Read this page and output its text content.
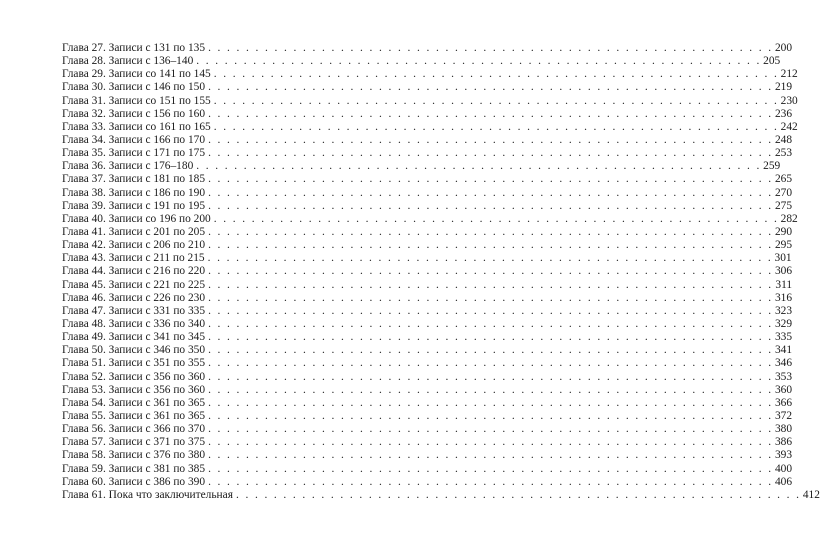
Глава 27. Записи с 131 по 135 . . . . . . . . . . . . . . . . . . . . . . . . . . . . . . . . . . . . . . . . . . . . . . . . . . . . . . . . . . . . 200
Глава 28. Записи с 136–140 . . . . . . . . . . . . . . . . . . . . . . . . . . . . . . . . . . . . . . . . . . . . . . . . . . . . . . . . . . . . 205
Глава 29. Записи со 141 по 145 . . . . . . . . . . . . . . . . . . . . . . . . . . . . . . . . . . . . . . . . . . . . . . . . . . . . . . . . . . . . 212
Глава 30. Записи с 146 по 150 . . . . . . . . . . . . . . . . . . . . . . . . . . . . . . . . . . . . . . . . . . . . . . . . . . . . . . . . . . . . 219
Глава 31. Записи со 151 по 155 . . . . . . . . . . . . . . . . . . . . . . . . . . . . . . . . . . . . . . . . . . . . . . . . . . . . . . . . . . . . 230
Глава 32. Записи с 156 по 160 . . . . . . . . . . . . . . . . . . . . . . . . . . . . . . . . . . . . . . . . . . . . . . . . . . . . . . . . . . . . 236
Глава 33. Записи со 161 по 165 . . . . . . . . . . . . . . . . . . . . . . . . . . . . . . . . . . . . . . . . . . . . . . . . . . . . . . . . . . . . 242
Глава 34. Записи с 166 по 170 . . . . . . . . . . . . . . . . . . . . . . . . . . . . . . . . . . . . . . . . . . . . . . . . . . . . . . . . . . . . 248
Глава 35. Записи с 171 по 175 . . . . . . . . . . . . . . . . . . . . . . . . . . . . . . . . . . . . . . . . . . . . . . . . . . . . . . . . . . . . 253
Глава 36. Записи с 176–180 . . . . . . . . . . . . . . . . . . . . . . . . . . . . . . . . . . . . . . . . . . . . . . . . . . . . . . . . . . . . 259
Глава 37. Записи с 181 по 185 . . . . . . . . . . . . . . . . . . . . . . . . . . . . . . . . . . . . . . . . . . . . . . . . . . . . . . . . . . . . 265
Глава 38. Записи с 186 по 190 . . . . . . . . . . . . . . . . . . . . . . . . . . . . . . . . . . . . . . . . . . . . . . . . . . . . . . . . . . . . 270
Глава 39. Записи с 191 по 195 . . . . . . . . . . . . . . . . . . . . . . . . . . . . . . . . . . . . . . . . . . . . . . . . . . . . . . . . . . . . 275
Глава 40. Записи со 196 по 200 . . . . . . . . . . . . . . . . . . . . . . . . . . . . . . . . . . . . . . . . . . . . . . . . . . . . . . . . . . . . 282
Глава 41. Записи с 201 по 205 . . . . . . . . . . . . . . . . . . . . . . . . . . . . . . . . . . . . . . . . . . . . . . . . . . . . . . . . . . . . 290
Глава 42. Записи с 206 по 210 . . . . . . . . . . . . . . . . . . . . . . . . . . . . . . . . . . . . . . . . . . . . . . . . . . . . . . . . . . . . 295
Глава 43. Записи с 211 по 215 . . . . . . . . . . . . . . . . . . . . . . . . . . . . . . . . . . . . . . . . . . . . . . . . . . . . . . . . . . . . 301
Глава 44. Записи с 216 по 220 . . . . . . . . . . . . . . . . . . . . . . . . . . . . . . . . . . . . . . . . . . . . . . . . . . . . . . . . . . . . 306
Глава 45. Записи с 221 по 225 . . . . . . . . . . . . . . . . . . . . . . . . . . . . . . . . . . . . . . . . . . . . . . . . . . . . . . . . . . . . 311
Глава 46. Записи с 226 по 230 . . . . . . . . . . . . . . . . . . . . . . . . . . . . . . . . . . . . . . . . . . . . . . . . . . . . . . . . . . . . 316
Глава 47. Записи с 331 по 335 . . . . . . . . . . . . . . . . . . . . . . . . . . . . . . . . . . . . . . . . . . . . . . . . . . . . . . . . . . . . 323
Глава 48. Записи с 336 по 340 . . . . . . . . . . . . . . . . . . . . . . . . . . . . . . . . . . . . . . . . . . . . . . . . . . . . . . . . . . . . 329
Глава 49. Записи с 341 по 345 . . . . . . . . . . . . . . . . . . . . . . . . . . . . . . . . . . . . . . . . . . . . . . . . . . . . . . . . . . . . 335
Глава 50. Записи с 346 по 350 . . . . . . . . . . . . . . . . . . . . . . . . . . . . . . . . . . . . . . . . . . . . . . . . . . . . . . . . . . . . 341
Глава 51. Записи с 351 по 355 . . . . . . . . . . . . . . . . . . . . . . . . . . . . . . . . . . . . . . . . . . . . . . . . . . . . . . . . . . . . 346
Глава 52. Записи с 356 по 360 . . . . . . . . . . . . . . . . . . . . . . . . . . . . . . . . . . . . . . . . . . . . . . . . . . . . . . . . . . . . 353
Глава 53. Записи с 356 по 360 . . . . . . . . . . . . . . . . . . . . . . . . . . . . . . . . . . . . . . . . . . . . . . . . . . . . . . . . . . . . 360
Глава 54. Записи с 361 по 365 . . . . . . . . . . . . . . . . . . . . . . . . . . . . . . . . . . . . . . . . . . . . . . . . . . . . . . . . . . . . 366
Глава 55. Записи с 361 по 365 . . . . . . . . . . . . . . . . . . . . . . . . . . . . . . . . . . . . . . . . . . . . . . . . . . . . . . . . . . . . 372
Глава 56. Записи с 366 по 370 . . . . . . . . . . . . . . . . . . . . . . . . . . . . . . . . . . . . . . . . . . . . . . . . . . . . . . . . . . . . 380
Глава 57. Записи с 371 по 375 . . . . . . . . . . . . . . . . . . . . . . . . . . . . . . . . . . . . . . . . . . . . . . . . . . . . . . . . . . . . 386
Глава 58. Записи с 376 по 380 . . . . . . . . . . . . . . . . . . . . . . . . . . . . . . . . . . . . . . . . . . . . . . . . . . . . . . . . . . . . 393
Глава 59. Записи с 381 по 385 . . . . . . . . . . . . . . . . . . . . . . . . . . . . . . . . . . . . . . . . . . . . . . . . . . . . . . . . . . . . 400
Глава 60. Записи с 386 по 390 . . . . . . . . . . . . . . . . . . . . . . . . . . . . . . . . . . . . . . . . . . . . . . . . . . . . . . . . . . . . 406
Глава 61. Пока что заключительная . . . . . . . . . . . . . . . . . . . . . . . . . . . . . . . . . . . . . . . . . . . . . . . . . . . . . . . . . . . . 412
